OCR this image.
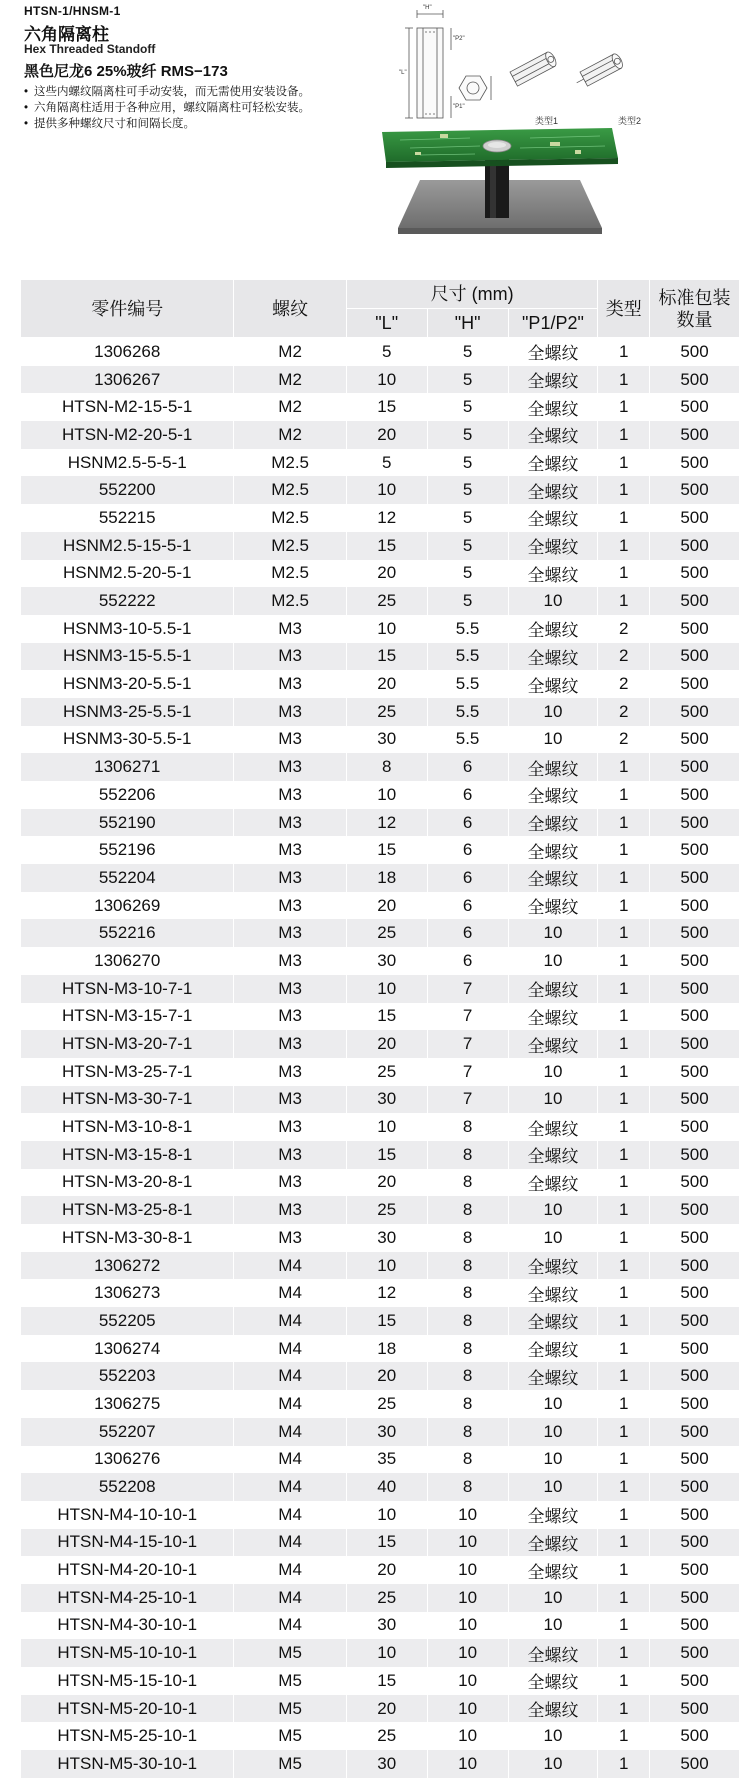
HTSN-1/HNSM-1
六角隔离柱
Hex Threaded Standoff
黑色尼龙6 25%玻纤 RMS−173
• 这些内螺纹隔离柱可手动安装，而无需使用安装设备。
• 六角隔离柱适用于各种应用，螺纹隔离柱可轻松安装。
• 提供多种螺纹尺寸和间隔长度。
"H"
"L"
"P2"
"P1"
类型1	类型2
零件编号	螺纹	尺寸 (mm)			类型	标准包装
数量
		"L"	"H"	"P1/P2"		
1306268	M2	5	5	全螺纹	1	500
1306267	M2	10	5	全螺纹	1	500
HTSN-M2-15-5-1	M2	15	5	全螺纹	1	500
HTSN-M2-20-5-1	M2	20	5	全螺纹	1	500
HSNM2.5-5-5-1	M2.5	5	5	全螺纹	1	500
552200	M2.5	10	5	全螺纹	1	500
552215	M2.5	12	5	全螺纹	1	500
HSNM2.5-15-5-1	M2.5	15	5	全螺纹	1	500
HSNM2.5-20-5-1	M2.5	20	5	全螺纹	1	500
552222	M2.5	25	5	10	1	500
HSNM3-10-5.5-1	M3	10	5.5	全螺纹	2	500
HSNM3-15-5.5-1	M3	15	5.5	全螺纹	2	500
HSNM3-20-5.5-1	M3	20	5.5	全螺纹	2	500
HSNM3-25-5.5-1	M3	25	5.5	10	2	500
HSNM3-30-5.5-1	M3	30	5.5	10	2	500
1306271	M3	8	6	全螺纹	1	500
552206	M3	10	6	全螺纹	1	500
552190	M3	12	6	全螺纹	1	500
552196	M3	15	6	全螺纹	1	500
552204	M3	18	6	全螺纹	1	500
1306269	M3	20	6	全螺纹	1	500
552216	M3	25	6	10	1	500
1306270	M3	30	6	10	1	500
HTSN-M3-10-7-1	M3	10	7	全螺纹	1	500
HTSN-M3-15-7-1	M3	15	7	全螺纹	1	500
HTSN-M3-20-7-1	M3	20	7	全螺纹	1	500
HTSN-M3-25-7-1	M3	25	7	10	1	500
HTSN-M3-30-7-1	M3	30	7	10	1	500
HTSN-M3-10-8-1	M3	10	8	全螺纹	1	500
HTSN-M3-15-8-1	M3	15	8	全螺纹	1	500
HTSN-M3-20-8-1	M3	20	8	全螺纹	1	500
HTSN-M3-25-8-1	M3	25	8	10	1	500
HTSN-M3-30-8-1	M3	30	8	10	1	500
1306272	M4	10	8	全螺纹	1	500
1306273	M4	12	8	全螺纹	1	500
552205	M4	15	8	全螺纹	1	500
1306274	M4	18	8	全螺纹	1	500
552203	M4	20	8	全螺纹	1	500
1306275	M4	25	8	10	1	500
552207	M4	30	8	10	1	500
1306276	M4	35	8	10	1	500
552208	M4	40	8	10	1	500
HTSN-M4-10-10-1	M4	10	10	全螺纹	1	500
HTSN-M4-15-10-1	M4	15	10	全螺纹	1	500
HTSN-M4-20-10-1	M4	20	10	全螺纹	1	500
HTSN-M4-25-10-1	M4	25	10	10	1	500
HTSN-M4-30-10-1	M4	30	10	10	1	500
HTSN-M5-10-10-1	M5	10	10	全螺纹	1	500
HTSN-M5-15-10-1	M5	15	10	全螺纹	1	500
HTSN-M5-20-10-1	M5	20	10	全螺纹	1	500
HTSN-M5-25-10-1	M5	25	10	10	1	500
HTSN-M5-30-10-1	M5	30	10	10	1	500
